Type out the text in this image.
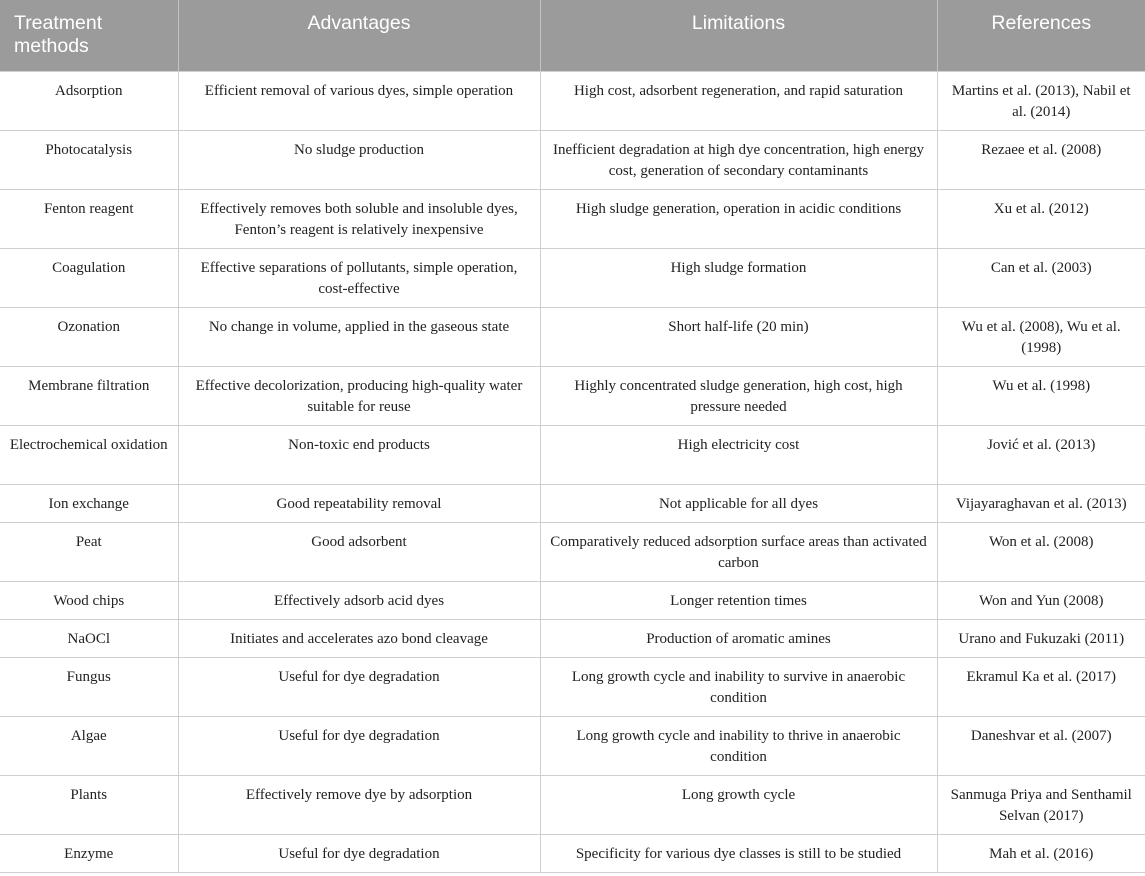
Treatment methods	Advantages	Limitations	References
Adsorption	Efficient removal of various dyes, simple operation	High cost, adsorbent regeneration, and rapid saturation	Martins et al. (2013), Nabil et al. (2014)
Photocatalysis	No sludge production	Inefficient degradation at high dye concentration, high energy cost, generation of secondary contaminants	Rezaee et al. (2008)
Fenton reagent	Effectively removes both soluble and insoluble dyes, Fenton’s reagent is relatively inexpensive	High sludge generation, operation in acidic conditions	Xu et al. (2012)
Coagulation	Effective separations of pollutants, simple operation, cost-effective	High sludge formation	Can et al. (2003)
Ozonation	No change in volume, applied in the gaseous state	Short half-life (20 min)	Wu et al. (2008), Wu et al. (1998)
Membrane filtration	Effective decolorization, producing high-quality water suitable for reuse	Highly concentrated sludge generation, high cost, high pressure needed	Wu et al. (1998)
Electrochemical oxidation	Non-toxic end products	High electricity cost	Jović et al. (2013)
Ion exchange	Good repeatability removal	Not applicable for all dyes	Vijayaraghavan et al. (2013)
Peat	Good adsorbent	Comparatively reduced adsorption surface areas than activated carbon	Won et al. (2008)
Wood chips	Effectively adsorb acid dyes	Longer retention times	Won and Yun (2008)
NaOCl	Initiates and accelerates azo bond cleavage	Production of aromatic amines	Urano and Fukuzaki (2011)
Fungus	Useful for dye degradation	Long growth cycle and inability to survive in anaerobic condition	Ekramul Ka et al. (2017)
Algae	Useful for dye degradation	Long growth cycle and inability to thrive in anaerobic condition	Daneshvar et al. (2007)
Plants	Effectively remove dye by adsorption	Long growth cycle	Sanmuga Priya and Senthamil Selvan (2017)
Enzyme	Useful for dye degradation	Specificity for various dye classes is still to be studied	Mah et al. (2016)
